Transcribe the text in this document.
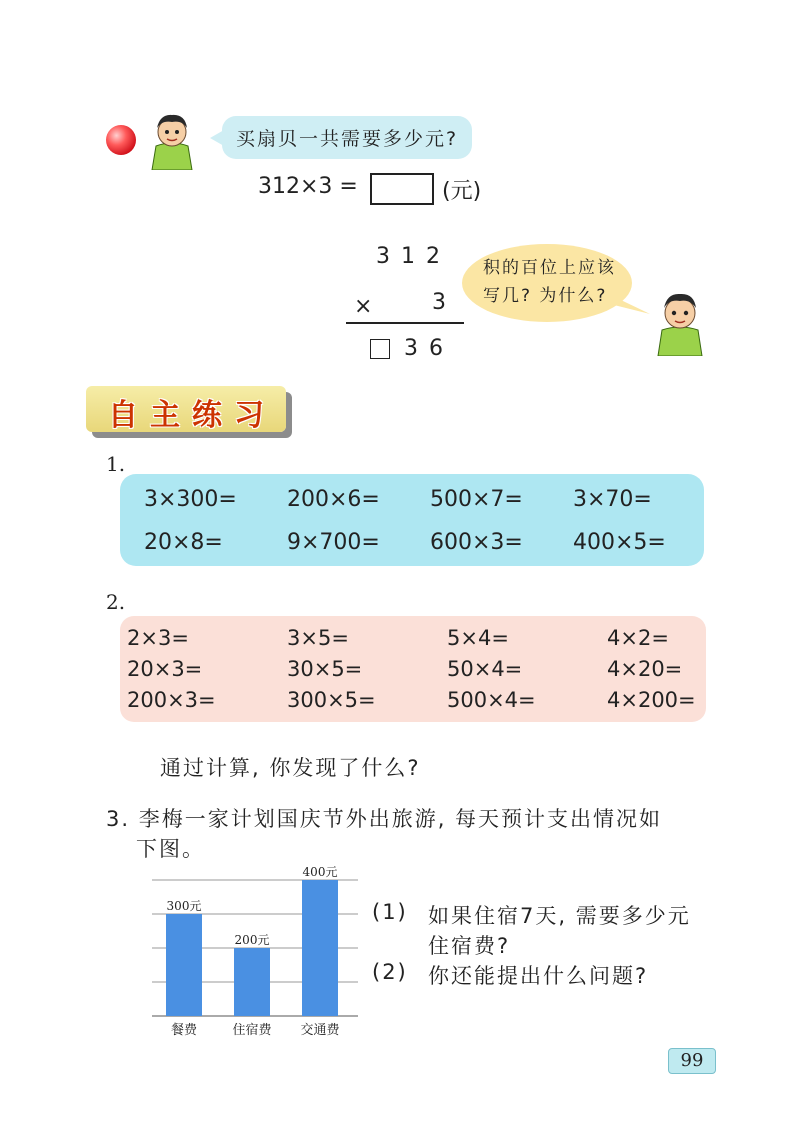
买扇贝一共需要多少元?
312×3 =	(元)
3 1 2
×	3
3 6
积的百位上应该
写几? 为什么?
自主练习
1.
3×300= 200×6= 500×7= 3×70=
20×8=	9×700= 600×3= 400×5=
2.
2×3=	3×5=	5×4=	4×2=
20×3=	30×5=	50×4=	4×20=
200×3=	300×5=	500×4=	4×200=
通过计算, 你发现了什么?
3. 李梅一家计划国庆节外出旅游, 每天预计支出情况如
下图。
300元
餐费
200元
住宿费
400元
交通费
(1) 如果住宿7天, 需要多少元
住宿费?
(2) 你还能提出什么问题?
99
